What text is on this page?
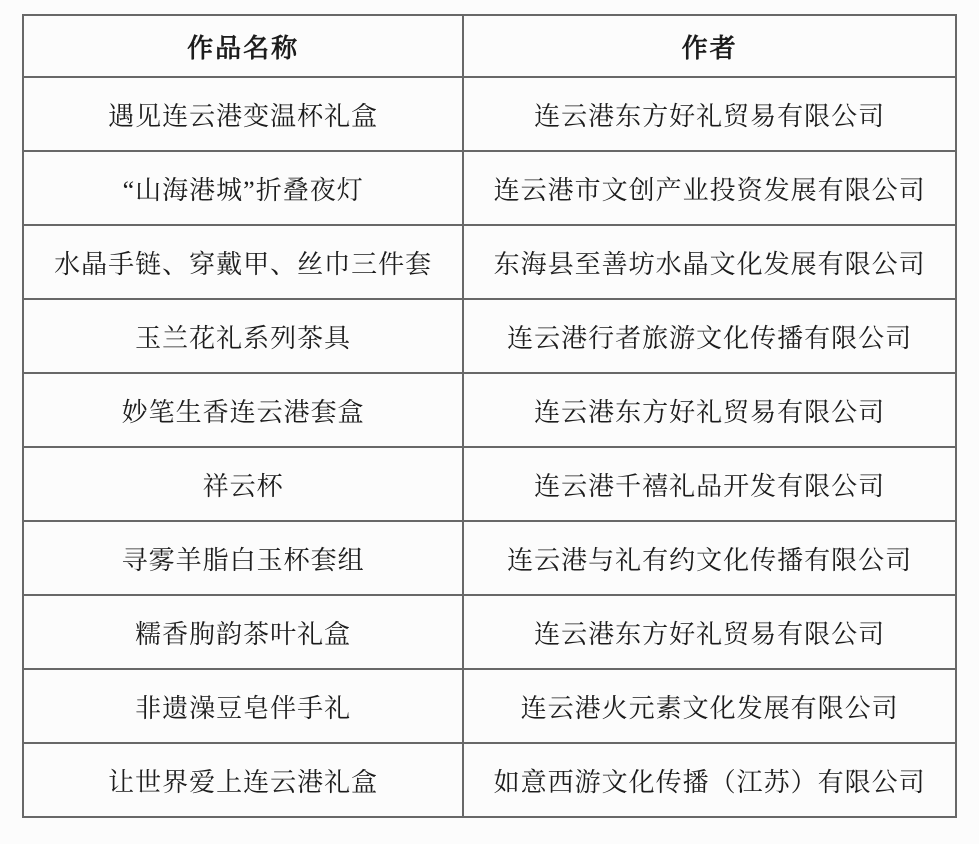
作品名称	作者
遇见连云港变温杯礼盒	连云港东方好礼贸易有限公司
“山海港城”折叠夜灯	连云港市文创产业投资发展有限公司
水晶手链、穿戴甲、丝巾三件套	东海县至善坊水晶文化发展有限公司
玉兰花礼系列茶具	连云港行者旅游文化传播有限公司
妙笔生香连云港套盒	连云港东方好礼贸易有限公司
祥云杯	连云港千禧礼品开发有限公司
寻雾羊脂白玉杯套组	连云港与礼有约文化传播有限公司
糯香朐韵茶叶礼盒	连云港东方好礼贸易有限公司
非遗澡豆皂伴手礼	连云港火元素文化发展有限公司
让世界爱上连云港礼盒	如意西游文化传播（江苏）有限公司
